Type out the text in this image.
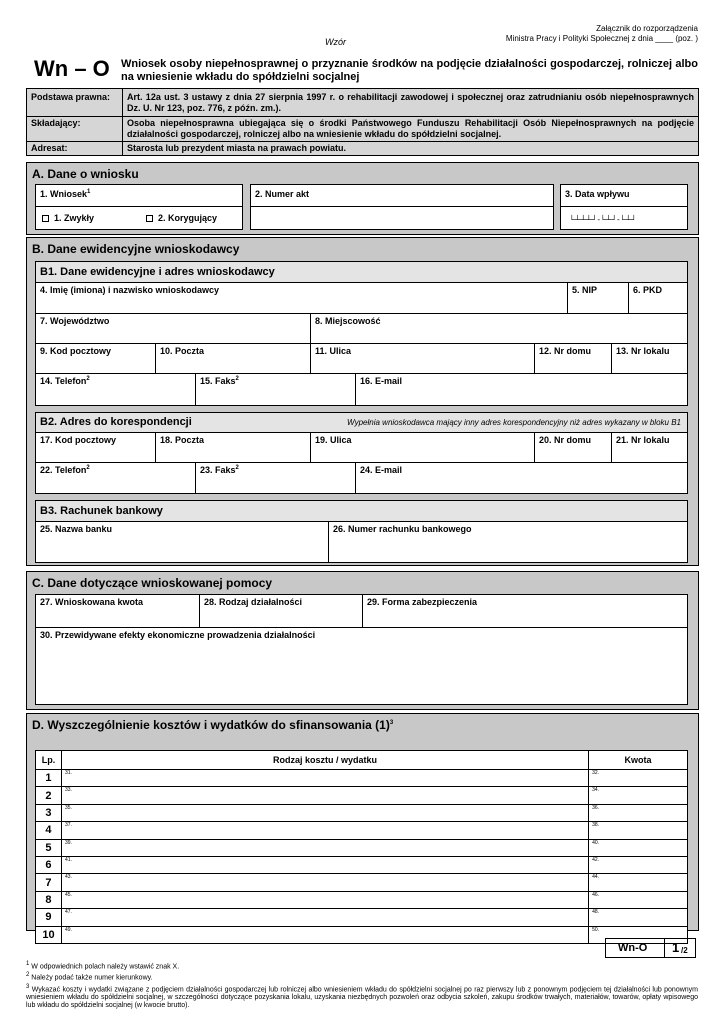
Załącznik do rozporządzenia
Ministra Pracy i Polityki Społecznej z dnia ____ (poz. )
Wzór
Wn – O Wniosek osoby niepełnosprawnej o przyznanie środków na podjęcie działalności gospodarczej, rolniczej albo na wniesienie wkładu do spółdzielni socjalnej
Podstawa prawna: Art. 12a ust. 3 ustawy z dnia 27 sierpnia 1997 r. o rehabilitacji zawodowej i społecznej oraz zatrudnianiu osób niepełnosprawnych Dz. U. Nr 123, poz. 776, z późn. zm.).
Składający:	Osoba niepełnosprawna ubiegająca się o środki Państwowego Funduszu Rehabilitacji Osób Niepełnosprawnych na podjęcie działalności gospodarczej, rolniczej albo na wniesienie wkładu do spółdzielni socjalnej.
Adresat:	Starosta lub prezydent miasta na prawach powiatu.
A. Dane o wniosku
1. Wniosek$^1$
1. Zwykły	2. Korygujący
2. Numer akt	3. Data wpływu
└┴┴┴┘-└┴┘-└┴┘
B. Dane ewidencyjne wnioskodawcy
B1. Dane ewidencyjne i adres wnioskodawcy
4. Imię (imiona) i nazwisko wnioskodawcy	5. NIP	6. PKD
7. Województwo	8. Miejscowość
9. Kod pocztowy	10. Poczta	11. Ulica	12. Nr domu	13. Nr lokalu
14. Telefon$^2$	15. Faks$^2$	16. E-mail
B2. Adres do korespondencji	Wypełnia wnioskodawca mający inny adres korespondencyjny niż adres wykazany w bloku B1
17. Kod pocztowy	18. Poczta	19. Ulica	20. Nr domu	21. Nr lokalu
22. Telefon$^2$	23. Faks$^2$	24. E-mail
B3. Rachunek bankowy
25. Nazwa banku	26. Numer rachunku bankowego
C. Dane dotyczące wnioskowanej pomocy
27. Wnioskowana kwota	28. Rodzaj działalności	29. Forma zabezpieczenia
30. Przewidywane efekty ekonomiczne prowadzenia działalności
D. Wyszczególnienie kosztów i wydatków do sfinansowania $(1)^3$
Lp.	Rodzaj kosztu / wydatku	Kwota
1	31.	32.
2	33.	34.
3	35.	36.
4	37.	38.
5	39.	40.
6	41.	42.
7	43.	44.
8	45.	46.
9	47.	48.
10	49.	50.
Wn-O 1 /2
$^1$ W odpowiednich polach należy wstawić znak X.
$^2$ Należy podać także numer kierunkowy.
$^3$ Wykazać koszty i wydatki związane z podjęciem działalności gospodarczej lub rolniczej albo wniesieniem wkładu do spółdzielni socjalnej po raz pierwszy lub z ponownym podjęciem tej działalności lub ponownym wniesieniem wkładu do spółdzielni socjalnej, w szczególności dotyczące pozyskania lokalu, uzyskania niezbędnych pozwoleń oraz odbycia szkoleń, zakupu środków trwałych, materiałów, towarów, opłaty wpisowego lub wkładu do spółdzielni socjalnej (w kwocie brutto).
